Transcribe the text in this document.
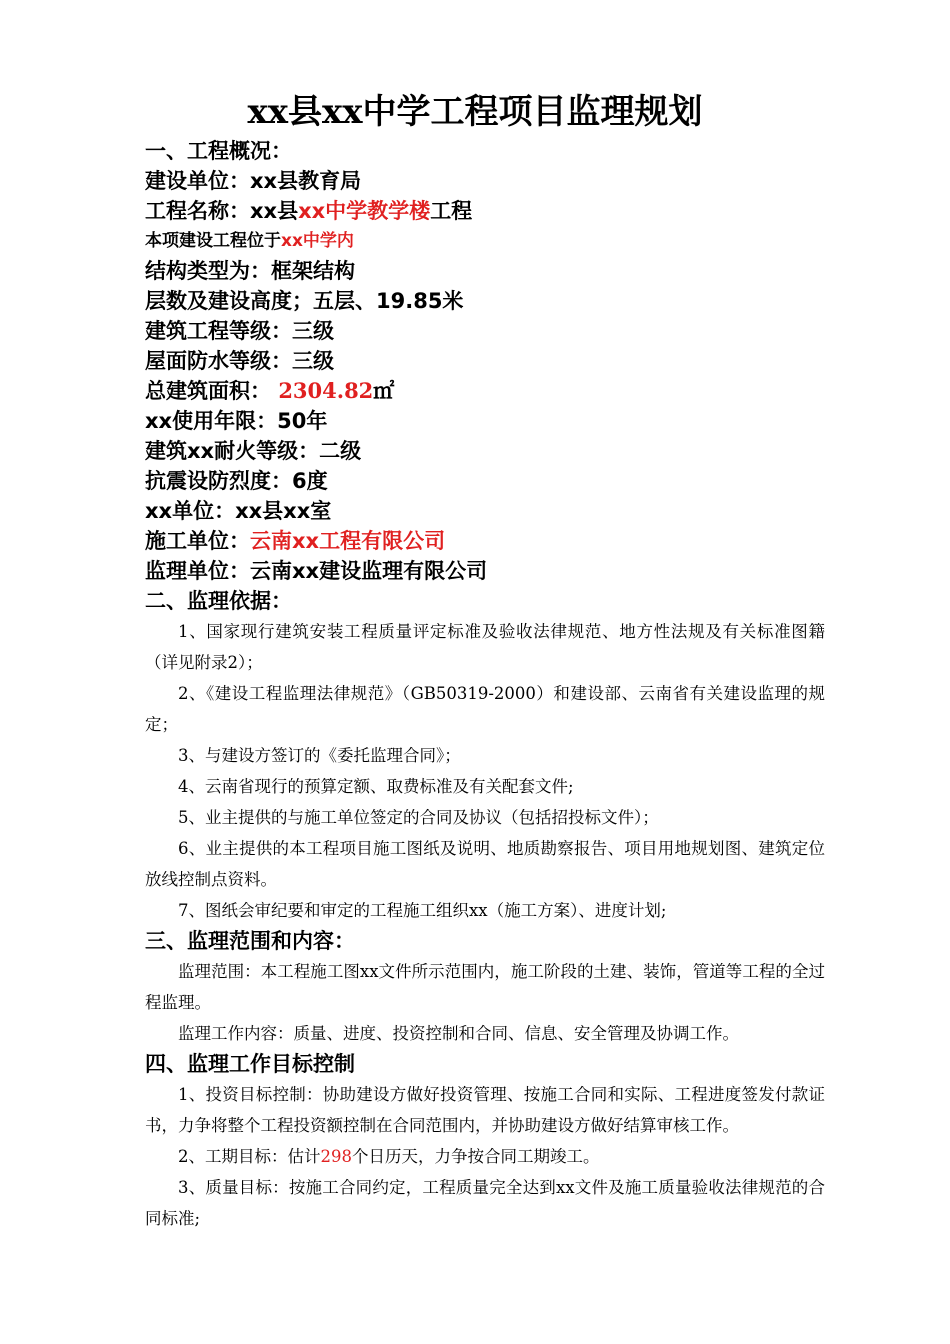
xx县xx中学工程项目监理规划
一、工程概况：
建设单位：xx县教育局
工程名称：xx县xx中学教学楼工程
本项建设工程位于xx中学内
结构类型为：框架结构
层数及建设高度；五层、19.85米
建筑工程等级：三级
屋面防水等级：三级
总建筑面积： 2304.82㎡
xx使用年限：50年
建筑xx耐火等级：二级
抗震设防烈度：6度
xx单位：xx县xx室
施工单位：云南xx工程有限公司
监理单位：云南xx建设监理有限公司
二、监理依据：

1、国家现行建筑安装工程质量评定标准及验收法律规范、地方性法规及有关标准图籍（详见附录2）；

2、《建设工程监理法律规范》（GB50319-2000）和建设部、云南省有关建设监理的规定；

3、与建设方签订的《委托监理合同》；

4、云南省现行的预算定额、取费标准及有关配套文件;

5、业主提供的与施工单位签定的合同及协议（包括招投标文件）；

6、业主提供的本工程项目施工图纸及说明、地质勘察报告、项目用地规划图、建筑定位放线控制点资料。

7、图纸会审纪要和审定的工程施工组织xx（施工方案）、进度计划;

三、监理范围和内容：

监理范围：本工程施工图xx文件所示范围内，施工阶段的土建、装饰，管道等工程的全过程监理。

监理工作内容：质量、进度、投资控制和合同、信息、安全管理及协调工作。

四、监理工作目标控制

1、投资目标控制：协助建设方做好投资管理、按施工合同和实际、工程进度签发付款证书，力争将整个工程投资额控制在合同范围内，并协助建设方做好结算审核工作。

2、工期目标：估计298个日历天，力争按合同工期竣工。

3、质量目标：按施工合同约定，工程质量完全达到xx文件及施工质量验收法律规范的合同标准;
